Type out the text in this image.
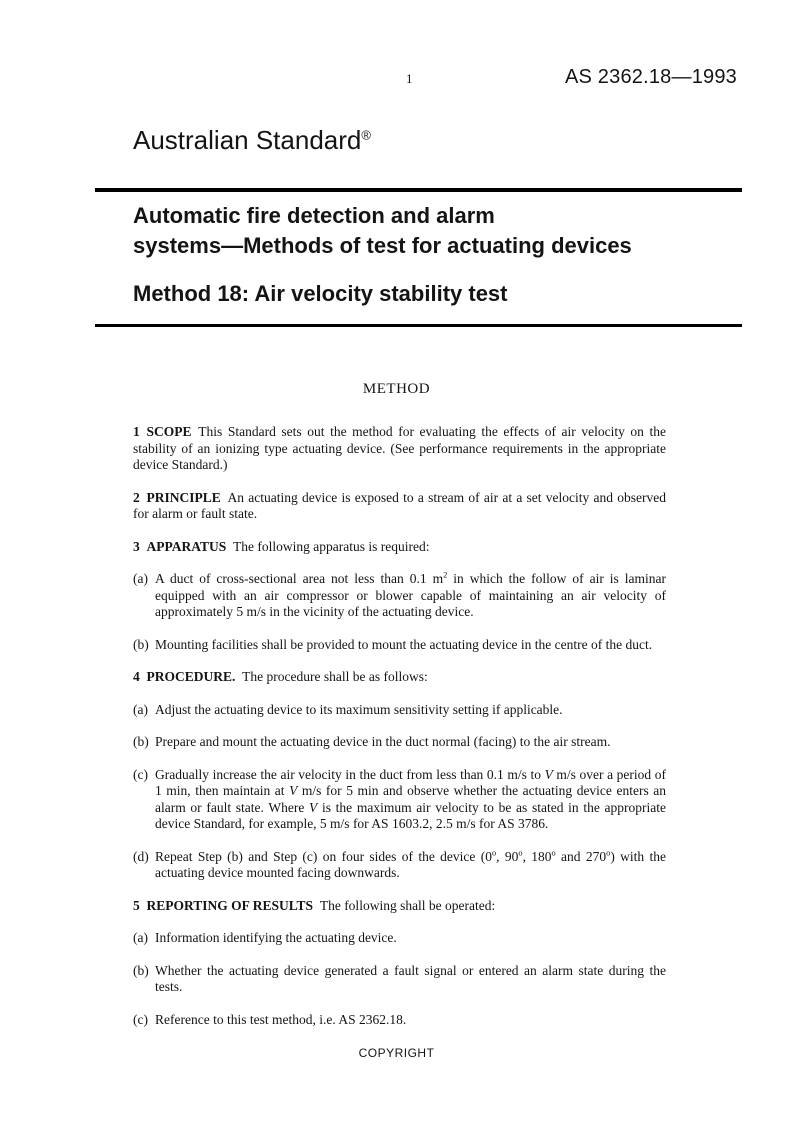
1	AS 2362.18—1993
Australian Standard®
Automatic fire detection and alarm
systems—Methods of test for actuating devices
Method 18: Air velocity stability test
METHOD

1 SCOPE This Standard sets out the method for evaluating the effects of air velocity on the stability of an ionizing type actuating device. (See performance requirements in the appropriate device Standard.)

2 PRINCIPLE An actuating device is exposed to a stream of air at a set velocity and observed for alarm or fault state.

3 APPARATUS The following apparatus is required:

(a) A duct of cross-sectional area not less than 0.1 $m^2$ in which the follow of air is laminar equipped with an air compressor or blower capable of maintaining an air velocity of approximately 5 m/s in the vicinity of the actuating device.

(b) Mounting facilities shall be provided to mount the actuating device in the centre of the duct.

4 PROCEDURE. The procedure shall be as follows:

(a) Adjust the actuating device to its maximum sensitivity setting if applicable.

(b) Prepare and mount the actuating device in the duct normal (facing) to the air stream.

(c) Gradually increase the air velocity in the duct from less than 0.1 m/s to V m/s over a period of 1 min, then maintain at V m/s for 5 min and observe whether the actuating device enters an alarm or fault state. Where V is the maximum air velocity to be as stated in the appropriate device Standard, for example, 5 m/s for AS 1603.2, 2.5 m/s for AS 3786.

(d) Repeat Step (b) and Step (c) on four sides of the device (0$^o$, 90$^o$, 180$^o$ and 270$^o$) with the actuating device mounted facing downwards.

5 REPORTING OF RESULTS The following shall be operated:

(a) Information identifying the actuating device.

(b) Whether the actuating device generated a fault signal or entered an alarm state during the tests.

(c) Reference to this test method, i.e. AS 2362.18.

COPYRIGHT
